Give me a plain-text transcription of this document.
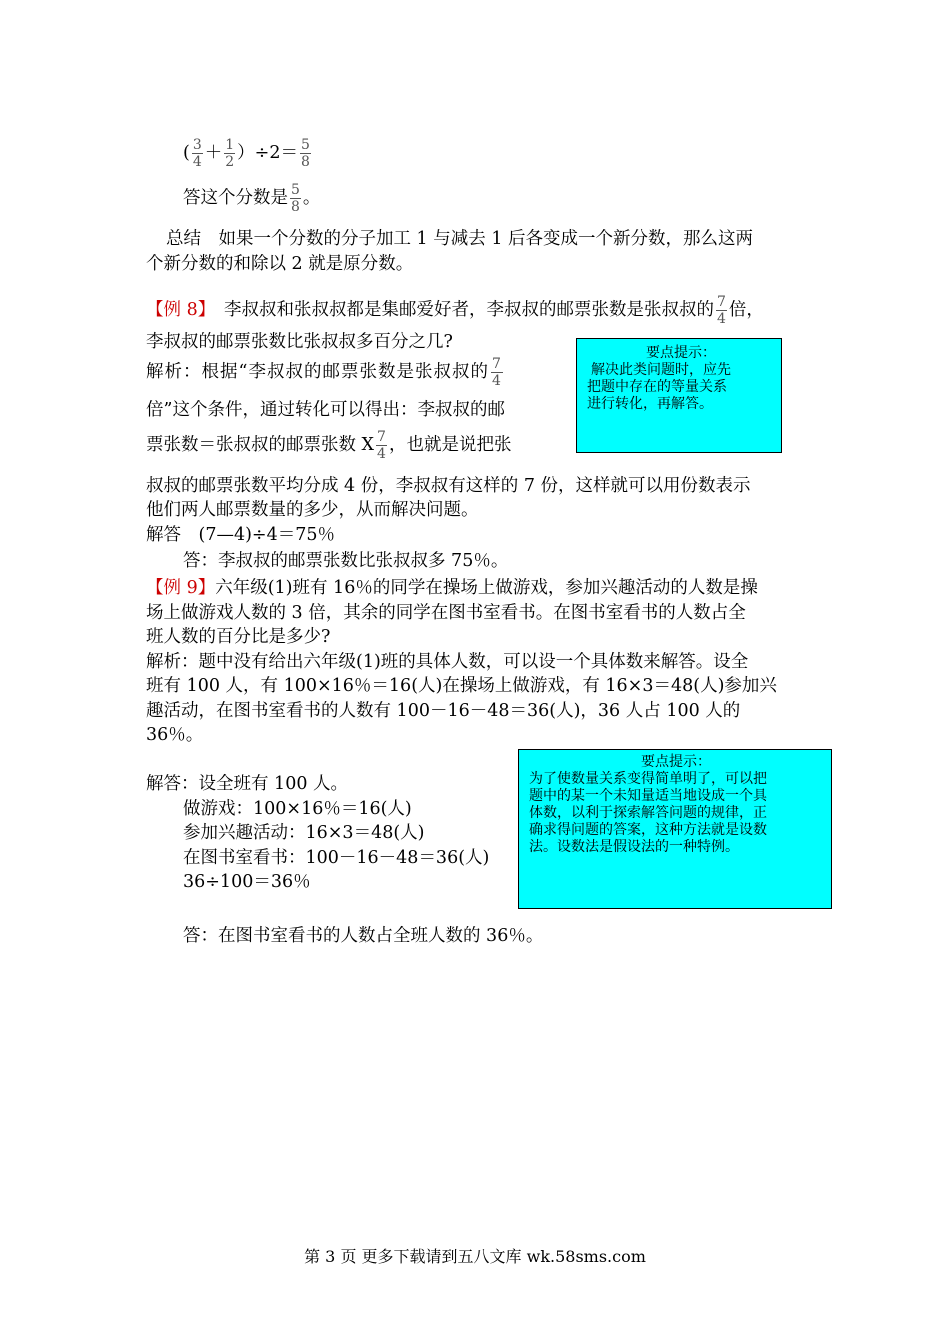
( $\frac{3}{4} + \frac{1}{2} )\div 2= \frac{5}{8}$
答这个分数是 $\frac{5}{8}$ 。
总结　如果一个分数的分子加工 1 与减去 1 后各变成一个新分数，那么这两
个新分数的和除以 2 就是原分数。
【例 8】　李叔叔和张叔叔都是集邮爱好者，李叔叔的邮票张数是张叔叔的 $\frac{7}{4}$ 倍，
李叔叔的邮票张数比张叔叔多百分之几?
解析：根据“李叔叔的邮票张数是张叔叔的 $\frac{7}{4}$
倍”这个条件，通过转化可以得出：李叔叔的邮
票张数＝张叔叔的邮票张数 X $\frac{7}{4}$ ，也就是说把张
叔叔的邮票张数平均分成 4 份，李叔叔有这样的 7 份，这样就可以用份数表示
他们两人邮票数量的多少，从而解决问题。
解答　(7—4)÷4＝75％
答：李叔叔的邮票张数比张叔叔多 75％。
要点提示：
解决此类问题时，应先
把题中存在的等量关系
进行转化，再解答。
【例 9】六年级(1)班有 16％的同学在操场上做游戏，参加兴趣活动的人数是操
场上做游戏人数的 3 倍，其余的同学在图书室看书。在图书室看书的人数占全
班人数的百分比是多少?
解析：题中没有给出六年级(1)班的具体人数，可以设一个具体数来解答。设全
班有 100 人，有 100×16％＝16(人)在操场上做游戏，有 16×3＝48(人)参加兴
趣活动，在图书室看书的人数有 100－16－48＝36(人)，36 人占 100 人的
36％。
解答：设全班有 100 人。
做游戏：100×16％＝16(人)
参加兴趣活动：16×3＝48(人)
在图书室看书：100－16－48＝36(人)
36÷100＝36％
答：在图书室看书的人数占全班人数的 36％。
要点提示：
为了使数量关系变得简单明了，可以把
题中的某一个未知量适当地设成一个具
体数，以利于探索解答问题的规律，正
确求得问题的答案，这种方法就是设数
法。设数法是假设法的一种特例。
第 3 页 更多下载请到五八文库 wk.58sms.com
